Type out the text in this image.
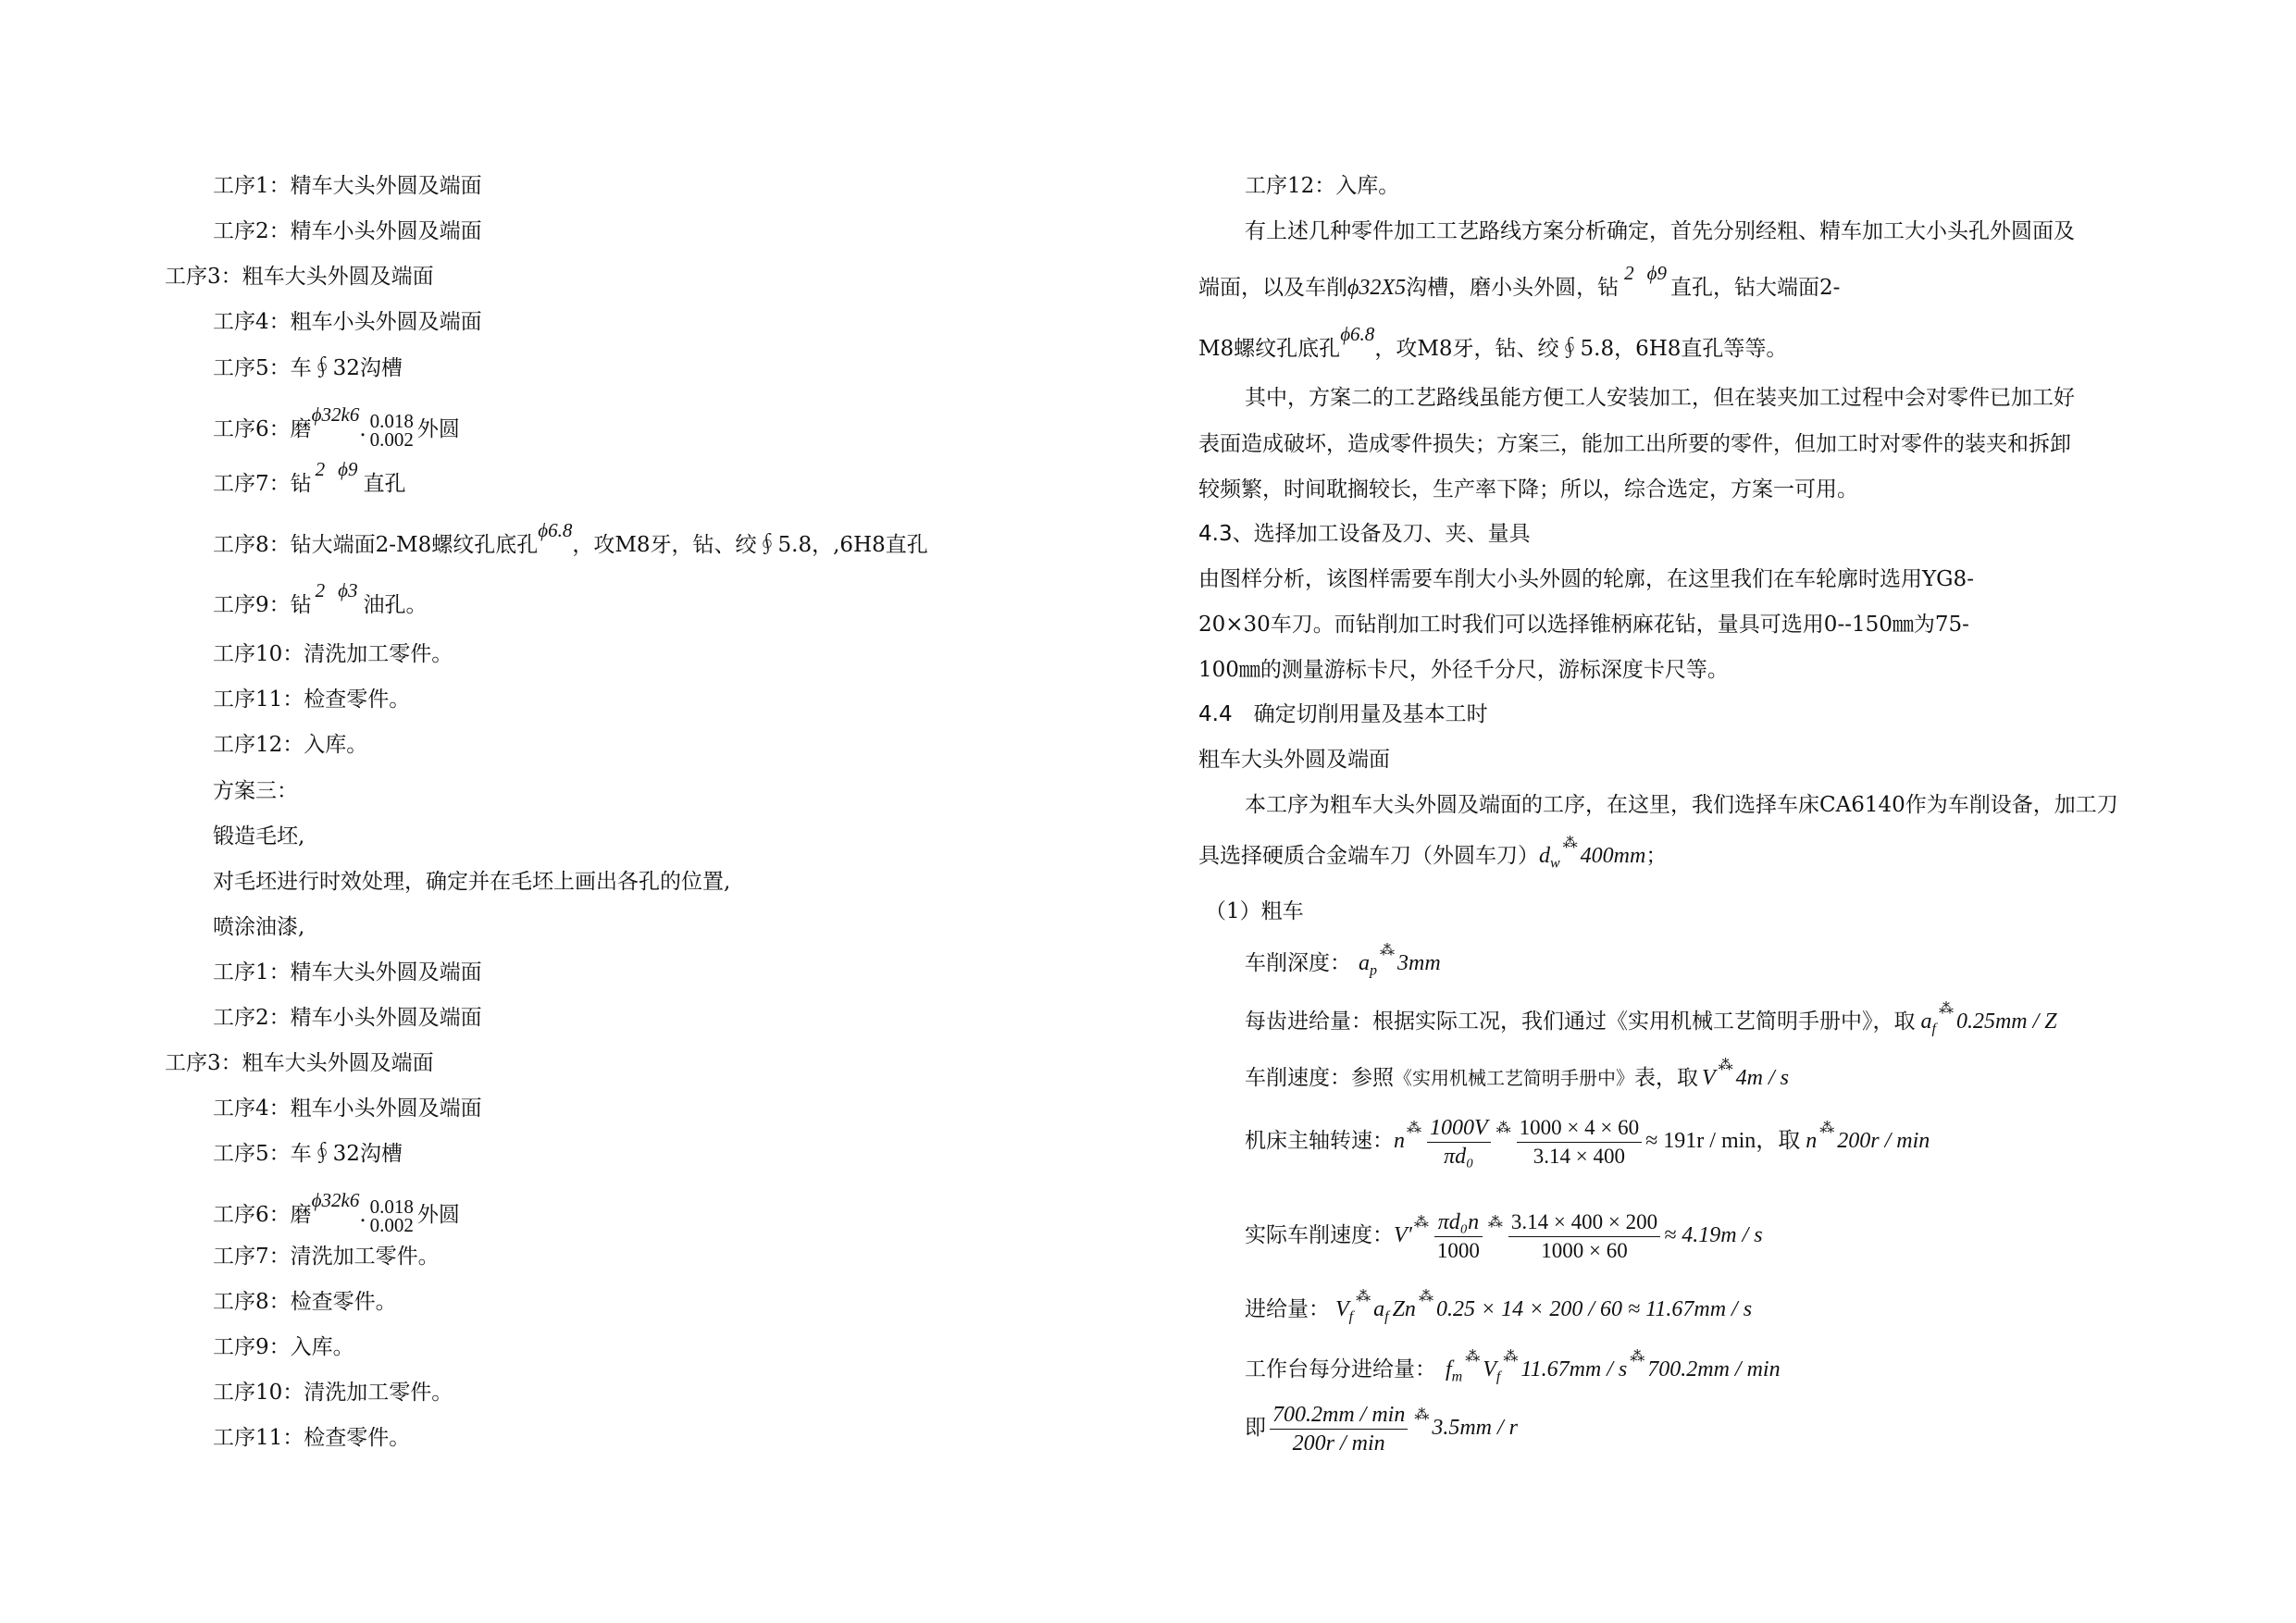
工序1：精车大头外圆及端面
工序2：精车小头外圆及端面
工序3：粗车大头外圆及端面
工序4：粗车小头外圆及端面
工序5：车∮32沟槽
工序6：磨ϕ32k6. 0.018
0.002 外圆
工序7：钻2 ϕ9直孔
工序8：钻大端面2-M8螺纹孔底孔ϕ6.8，攻M8牙，钻、绞∮5.8，,6H8直孔
工序9：钻2 ϕ3油孔。
工序10：清洗加工零件。
工序11：检查零件。
工序12：入库。
方案三：
锻造毛坯,
对毛坯进行时效处理，确定并在毛坯上画出各孔的位置,
喷涂油漆,
工序1：精车大头外圆及端面
工序2：精车小头外圆及端面
工序3：粗车大头外圆及端面
工序4：粗车小头外圆及端面
工序5：车∮32沟槽
工序6：磨ϕ32k6. 0.018
0.002 外圆
工序7：清洗加工零件。
工序8：检查零件。
工序9：入库。
工序10：清洗加工零件。
工序11：检查零件。
工序12：入库。
有上述几种零件加工工艺路线方案分析确定，首先分别经粗、精车加工大小头孔外圆面及
端面，以及车削ϕ32X5沟槽，磨小头外圆，钻2 ϕ9直孔，钻大端面2-
M8螺纹孔底孔ϕ6.8，攻M8牙，钻、绞∮5.8，6H8直孔等等。
其中，方案二的工艺路线虽能方便工人安装加工，但在装夹加工过程中会对零件已加工好
表面造成破坏，造成零件损失；方案三，能加工出所要的零件，但加工时对零件的装夹和拆卸
较频繁，时间耽搁较长，生产率下降；所以，综合选定，方案一可用。
4.3、选择加工设备及刀、夹、量具
由图样分析，该图样需要车削大小头外圆的轮廓，在这里我们在车轮廓时选用YG8-
20×30车刀。而钻削加工时我们可以选择锥柄麻花钻，量具可选用0--150㎜为75-
100㎜的测量游标卡尺，外径千分尺，游标深度卡尺等。
4.4　确定切削用量及基本工时
粗车大头外圆及端面
本工序为粗车大头外圆及端面的工序，在这里，我们选择车床CA6140作为车削设备，加工刀
具选择硬质合金端车刀（外圆车刀）$d_w^⁂400mm$；
（1）粗车
车削深度： $a_p^⁂3mm$
每齿进给量：根据实际工况，我们通过《实用机械工艺简明手册中》，取 $a_f^⁂0.25mm$ / Z
车削速度：参照《实用机械工艺简明手册中》表，取 V⁂4m / s
机床主轴转速：$n^⁂ \frac{1000V}{\text{πd₀}} ^⁂ \frac{1000 \times 4 \times 60}{3.14 \times 400} \approx 191r / \min$，取 n⁂200r / min
实际车削速度：$V'^⁂ \frac{\text{πd₀n}}{1000} ^⁂ \frac{3.14 \times 400 \times 200}{1000 \times 60} \approx 4.19m / s$
进给量： $V_f^⁂a_f$ Zn⁂0.25 × 14 × 200 / 60 ≈ 11.67mm / s
工作台每分进给量： $f_m^⁂V_f^⁂11.67mm / s^⁂700.2mm$ / min
即 $\frac{700.2mm / \min}{200r / \min} ^⁂3.5mm$ / r
